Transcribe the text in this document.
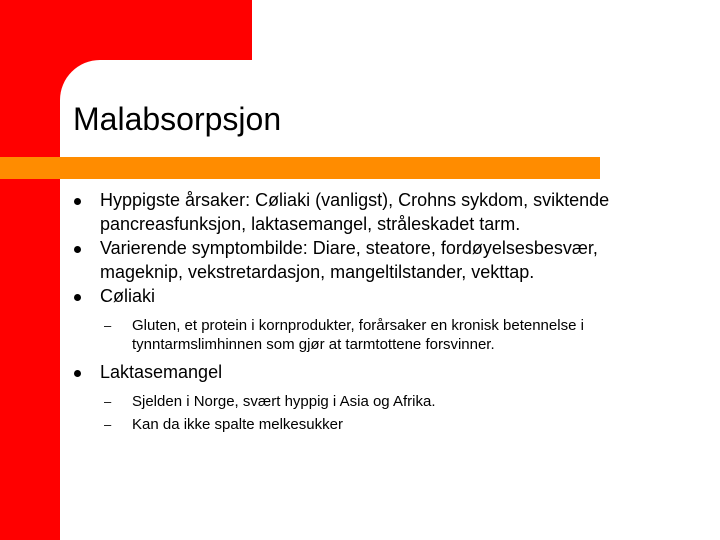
Malabsorpsjon
Hyppigste årsaker: Cøliaki (vanligst), Crohns sykdom, sviktende pancreasfunksjon, laktasemangel, stråleskadet tarm.
Varierende symptombilde: Diare, steatore, fordøyelsesbesvær, mageknip, vekstretardasjon, mangeltilstander, vekttap.
Cøliaki
– Gluten, et protein i kornprodukter, forårsaker en kronisk betennelse i tynntarmslimhinnen som gjør at tarmtottene forsvinner.
Laktasemangel
– Sjelden i Norge, svært hyppig i Asia og Afrika.
– Kan da ikke spalte melkesukker
